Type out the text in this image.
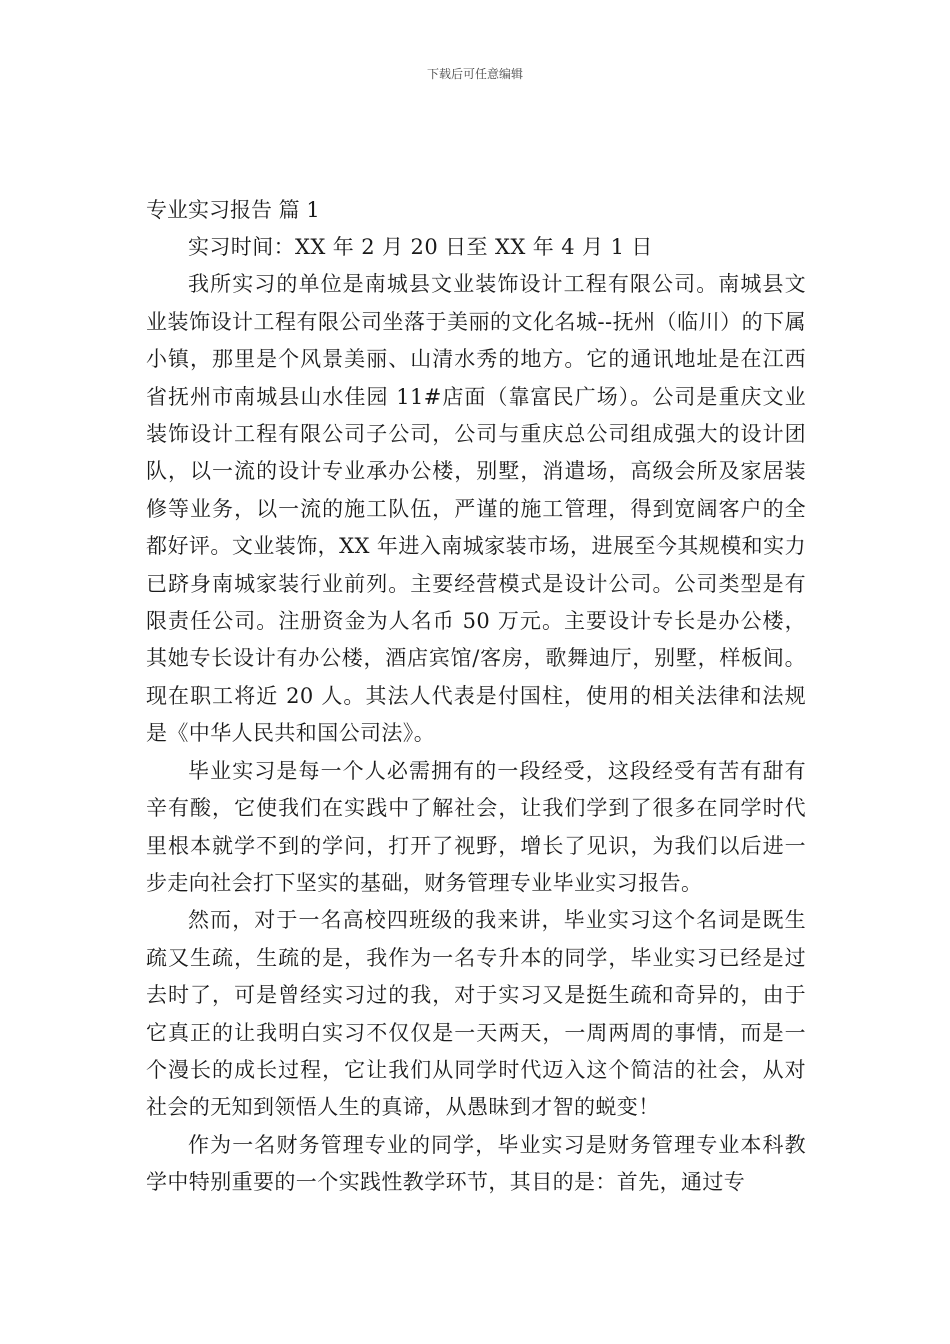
下载后可任意编辑

专业实习报告 篇 1

实习时间：XX 年 2 月 20 日至 XX 年 4 月 1 日

我所实习的单位是南城县文业装饰设计工程有限公司。南城县文业装饰设计工程有限公司坐落于美丽的文化名城--抚州（临川）的下属小镇，那里是个风景美丽、山清水秀的地方。它的通讯地址是在江西省抚州市南城县山水佳园 11#店面（靠富民广场）。公司是重庆文业装饰设计工程有限公司子公司，公司与重庆总公司组成强大的设计团队，以一流的设计专业承办公楼，别墅，消遣场，高级会所及家居装修等业务，以一流的施工队伍，严谨的施工管理，得到宽阔客户的全都好评。文业装饰，XX 年进入南城家装市场，进展至今其规模和实力已跻身南城家装行业前列。主要经营模式是设计公司。公司类型是有限责任公司。注册资金为人名币 50 万元。主要设计专长是办公楼，其她专长设计有办公楼，酒店宾馆/客房，歌舞迪厅，别墅，样板间。现在职工将近 20 人。其法人代表是付国柱，使用的相关法律和法规是《中华人民共和国公司法》。

毕业实习是每一个人必需拥有的一段经受，这段经受有苦有甜有辛有酸，它使我们在实践中了解社会，让我们学到了很多在同学时代里根本就学不到的学问，打开了视野，增长了见识，为我们以后进一步走向社会打下坚实的基础，财务管理专业毕业实习报告。

然而，对于一名高校四班级的我来讲，毕业实习这个名词是既生疏又生疏，生疏的是，我作为一名专升本的同学，毕业实习已经是过去时了，可是曾经实习过的我，对于实习又是挺生疏和奇异的，由于它真正的让我明白实习不仅仅是一天两天，一周两周的事情，而是一个漫长的成长过程，它让我们从同学时代迈入这个简洁的社会，从对社会的无知到领悟人生的真谛，从愚昧到才智的蜕变！

作为一名财务管理专业的同学，毕业实习是财务管理专业本科教学中特别重要的一个实践性教学环节，其目的是：首先，通过专
